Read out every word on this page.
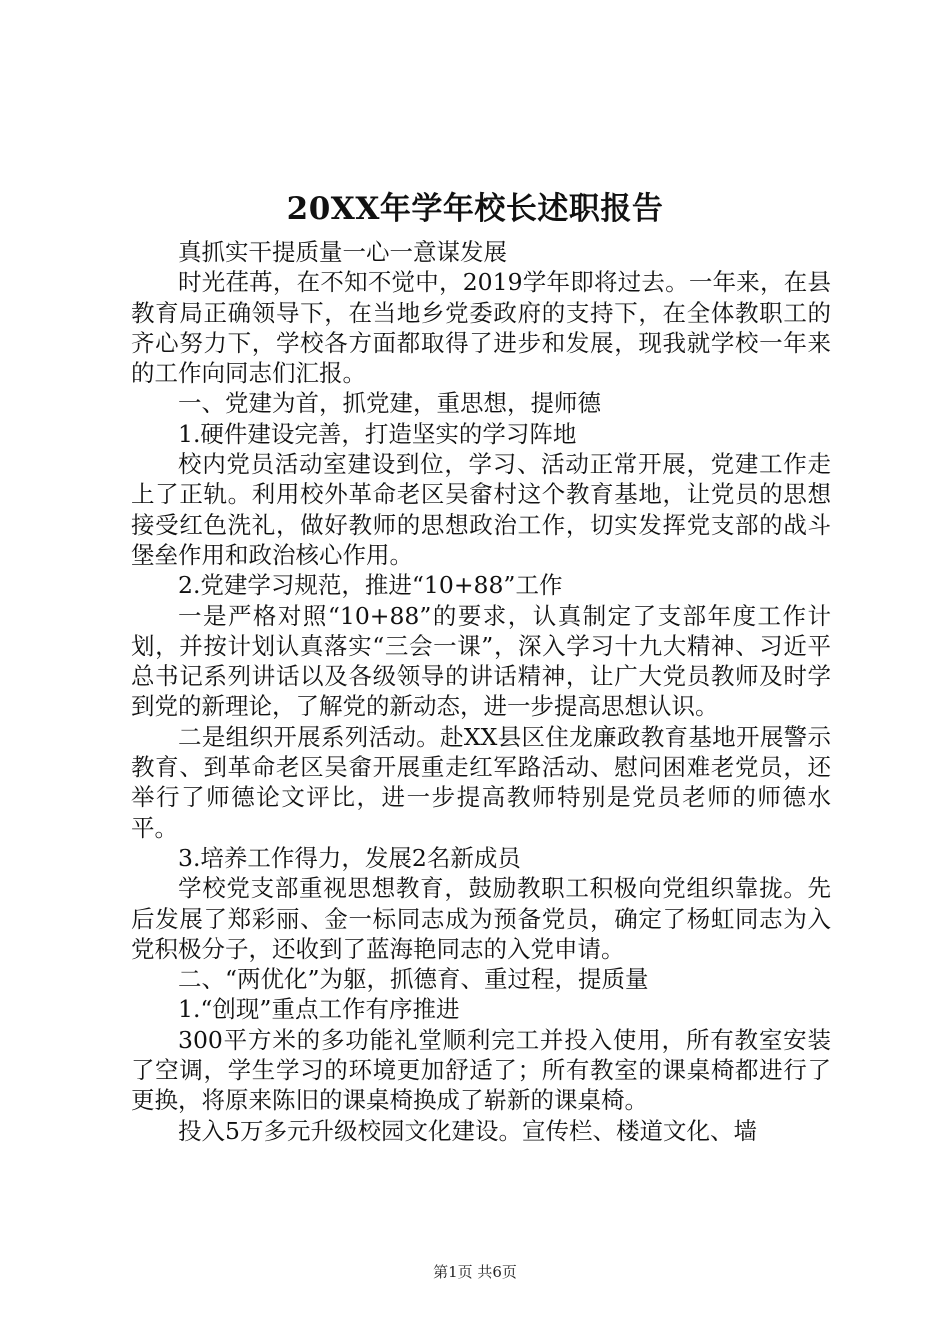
20XX年学年校长述职报告

真抓实干提质量一心一意谋发展

时光荏苒，在不知不觉中，2019学年即将过去。一年来，在县教育局正确领导下，在当地乡党委政府的支持下，在全体教职工的齐心努力下，学校各方面都取得了进步和发展，现我就学校一年来的工作向同志们汇报。

一、党建为首，抓党建，重思想，提师德

1.硬件建设完善，打造坚实的学习阵地

校内党员活动室建设到位，学习、活动正常开展，党建工作走上了正轨。利用校外革命老区吴畲村这个教育基地，让党员的思想接受红色洗礼，做好教师的思想政治工作，切实发挥党支部的战斗堡垒作用和政治核心作用。

2.党建学习规范，推进“10+88”工作

一是严格对照“10+88”的要求，认真制定了支部年度工作计划，并按计划认真落实“三会一课”，深入学习十九大精神、习近平总书记系列讲话以及各级领导的讲话精神，让广大党员教师及时学到党的新理论，了解党的新动态，进一步提高思想认识。

二是组织开展系列活动。赴XX县区住龙廉政教育基地开展警示教育、到革命老区吴畲开展重走红军路活动、慰问困难老党员，还举行了师德论文评比，进一步提高教师特别是党员老师的师德水平。

3.培养工作得力，发展2名新成员

学校党支部重视思想教育，鼓励教职工积极向党组织靠拢。先后发展了郑彩丽、金一标同志成为预备党员，确定了杨虹同志为入党积极分子，还收到了蓝海艳同志的入党申请。

二、“两优化”为躯，抓德育、重过程，提质量

1.“创现”重点工作有序推进

300平方米的多功能礼堂顺利完工并投入使用，所有教室安装了空调，学生学习的环境更加舒适了；所有教室的课桌椅都进行了更换，将原来陈旧的课桌椅换成了崭新的课桌椅。

投入5万多元升级校园文化建设。宣传栏、楼道文化、墙

第1页 共6页
